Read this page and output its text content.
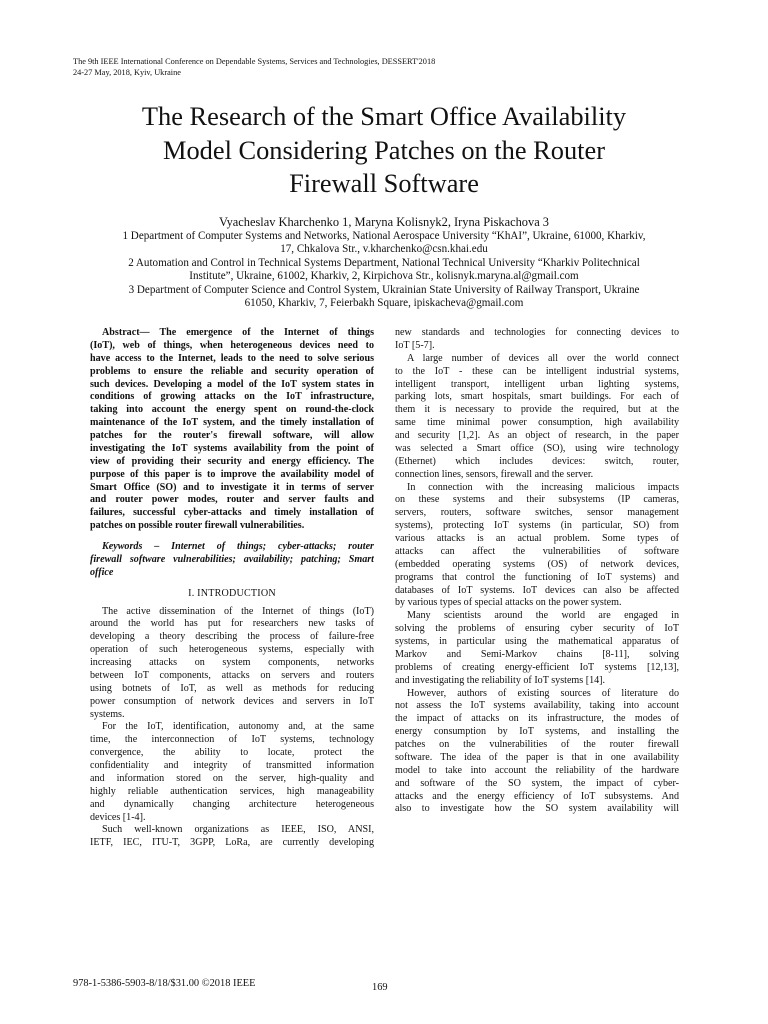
The 9th IEEE International Conference on Dependable Systems, Services and Technologies, DESSERT'2018
24-27 May, 2018, Kyiv, Ukraine
The Research of the Smart Office Availability
Model Considering Patches on the Router
Firewall Software
Vyacheslav Kharchenko 1, Maryna Kolisnyk2, Iryna Piskachova 3
1 Department of Computer Systems and Networks, National Aerospace University “KhAI”, Ukraine, 61000, Kharkiv,
17, Chkalova Str., v.kharchenko@csn.khai.edu
2 Automation and Control in Technical Systems Department, National Technical University “Kharkiv Politechnical
Institute”, Ukraine, 61002, Kharkiv, 2, Kirpichova Str., kolisnyk.maryna.al@gmail.com
3 Department of Computer Science and Control System, Ukrainian State University of Railway Transport, Ukraine
61050, Kharkiv, 7, Feierbakh Square, ipiskacheva@gmail.com
Abstract— The emergence of the Internet of things
(IoT), web of things, when heterogeneous devices need to
have access to the Internet, leads to the need to solve serious
problems to ensure the reliable and security operation of
such devices. Developing a model of the IoT system states in
conditions of growing attacks on the IoT infrastructure,
taking into account the energy spent on round-the-clock
maintenance of the IoT system, and the timely installation of
patches for the router's firewall software, will allow
investigating the IoT systems availability from the point of
view of providing their security and energy efficiency. The
purpose of this paper is to improve the availability model of
Smart Office (SO) and to investigate it in terms of server
and router power modes, router and server faults and
failures, successful cyber-attacks and timely installation of
patches on possible router firewall vulnerabilities.
Keywords – Internet of things; cyber-attacks; router
firewall software vulnerabilities; availability; patching; Smart
office
I. INTRODUCTION
The active dissemination of the Internet of things (IoT)
around the world has put for researchers new tasks of
developing a theory describing the process of failure-free
operation of such heterogeneous systems, especially with
increasing attacks on system components, networks
between IoT components, attacks on servers and routers
using botnets of IoT, as well as methods for reducing
power consumption of network devices and servers in IoT
systems.
For the IoT, identification, autonomy and, at the same
time, the interconnection of IoT systems, technology
convergence, the ability to locate, protect the
confidentiality and integrity of transmitted information
and information stored on the server, high-quality and
highly reliable authentication services, high manageability
and dynamically changing architecture heterogeneous
devices [1-4].
Such well-known organizations as IEEE, ISO, ANSI,
IETF, IEC, ITU-T, 3GPP, LoRa, are currently developing
new standards and technologies for connecting devices to
IoT [5-7].
A large number of devices all over the world connect
to the IoT - these can be intelligent industrial systems,
intelligent transport, intelligent urban lighting systems,
parking lots, smart hospitals, smart buildings. For each of
them it is necessary to provide the required, but at the
same time minimal power consumption, high availability
and security [1,2]. As an object of research, in the paper
was selected a Smart office (SO), using wire technology
(Ethernet) which includes devices: switch, router,
connection lines, sensors, firewall and the server.
In connection with the increasing malicious impacts
on these systems and their subsystems (IP cameras,
servers, routers, software switches, sensor management
systems), protecting IoT systems (in particular, SO) from
various attacks is an actual problem. Some types of
attacks can affect the vulnerabilities of software
(embedded operating systems (OS) of network devices,
programs that control the functioning of IoT systems) and
databases of IoT systems. IoT devices can also be affected
by various types of special attacks on the power system.
Many scientists around the world are engaged in
solving the problems of ensuring cyber security of IoT
systems, in particular using the mathematical apparatus of
Markov and Semi-Markov chains [8-11], solving
problems of creating energy-efficient IoT systems [12,13],
and investigating the reliability of IoT systems [14].
However, authors of existing sources of literature do
not assess the IoT systems availability, taking into account
the impact of attacks on its infrastructure, the modes of
energy consumption by IoT systems, and installing the
patches on the vulnerabilities of the router firewall
software. The idea of the paper is that in one availability
model to take into account the reliability of the hardware
and software of the SO system, the impact of cyber-
attacks and the energy efficiency of IoT subsystems. And
also to investigate how the SO system availability will
978-1-5386-5903-8/18/$31.00 ©2018 IEEE	169
